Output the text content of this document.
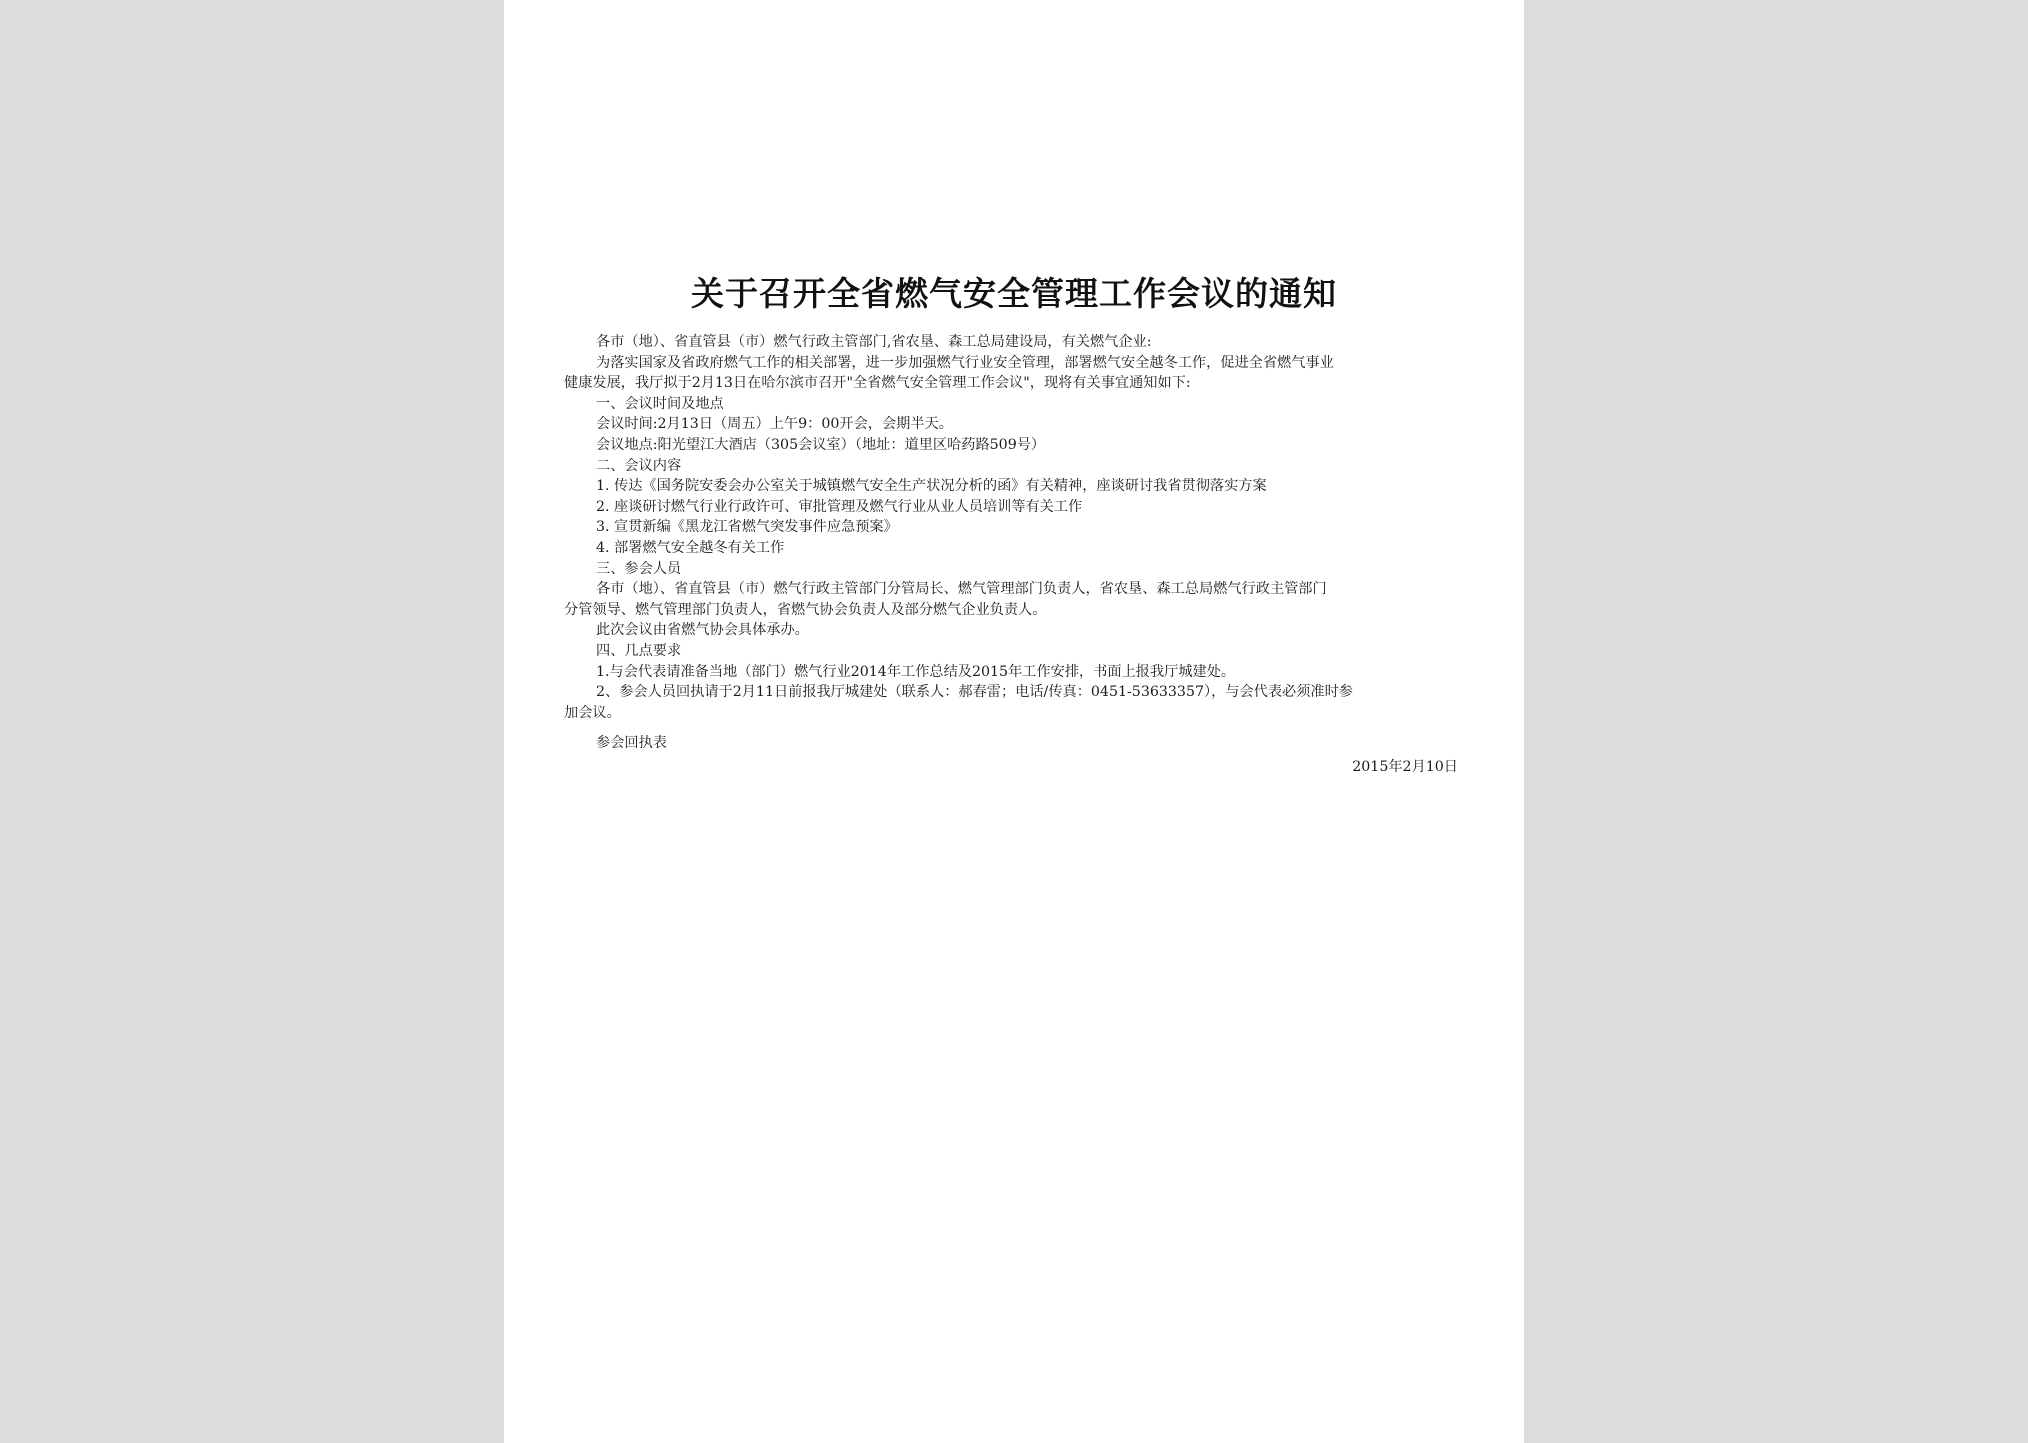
关于召开全省燃气安全管理工作会议的通知
各市（地）、省直管县（市）燃气行政主管部门,省农垦、森工总局建设局，有关燃气企业:
为落实国家及省政府燃气工作的相关部署，进一步加强燃气行业安全管理，部署燃气安全越冬工作，促进全省燃气事业
健康发展，我厅拟于2月13日在哈尔滨市召开"全省燃气安全管理工作会议"，现将有关事宜通知如下:
一、会议时间及地点
会议时间:2月13日（周五）上午9：00开会，会期半天。
会议地点:阳光望江大酒店（305会议室）（地址：道里区哈药路509号）
二、会议内容
1. 传达《国务院安委会办公室关于城镇燃气安全生产状况分析的函》有关精神，座谈研讨我省贯彻落实方案
2. 座谈研讨燃气行业行政许可、审批管理及燃气行业从业人员培训等有关工作
3. 宣贯新编《黑龙江省燃气突发事件应急预案》
4. 部署燃气安全越冬有关工作
三、参会人员
各市（地）、省直管县（市）燃气行政主管部门分管局长、燃气管理部门负责人，省农垦、森工总局燃气行政主管部门
分管领导、燃气管理部门负责人，省燃气协会负责人及部分燃气企业负责人。
此次会议由省燃气协会具体承办。
四、几点要求
1.与会代表请准备当地（部门）燃气行业2014年工作总结及2015年工作安排，书面上报我厅城建处。
2、参会人员回执请于2月11日前报我厅城建处（联系人：郝春雷；电话/传真：0451-53633357），与会代表必须准时参
加会议。
参会回执表
2015年2月10日
